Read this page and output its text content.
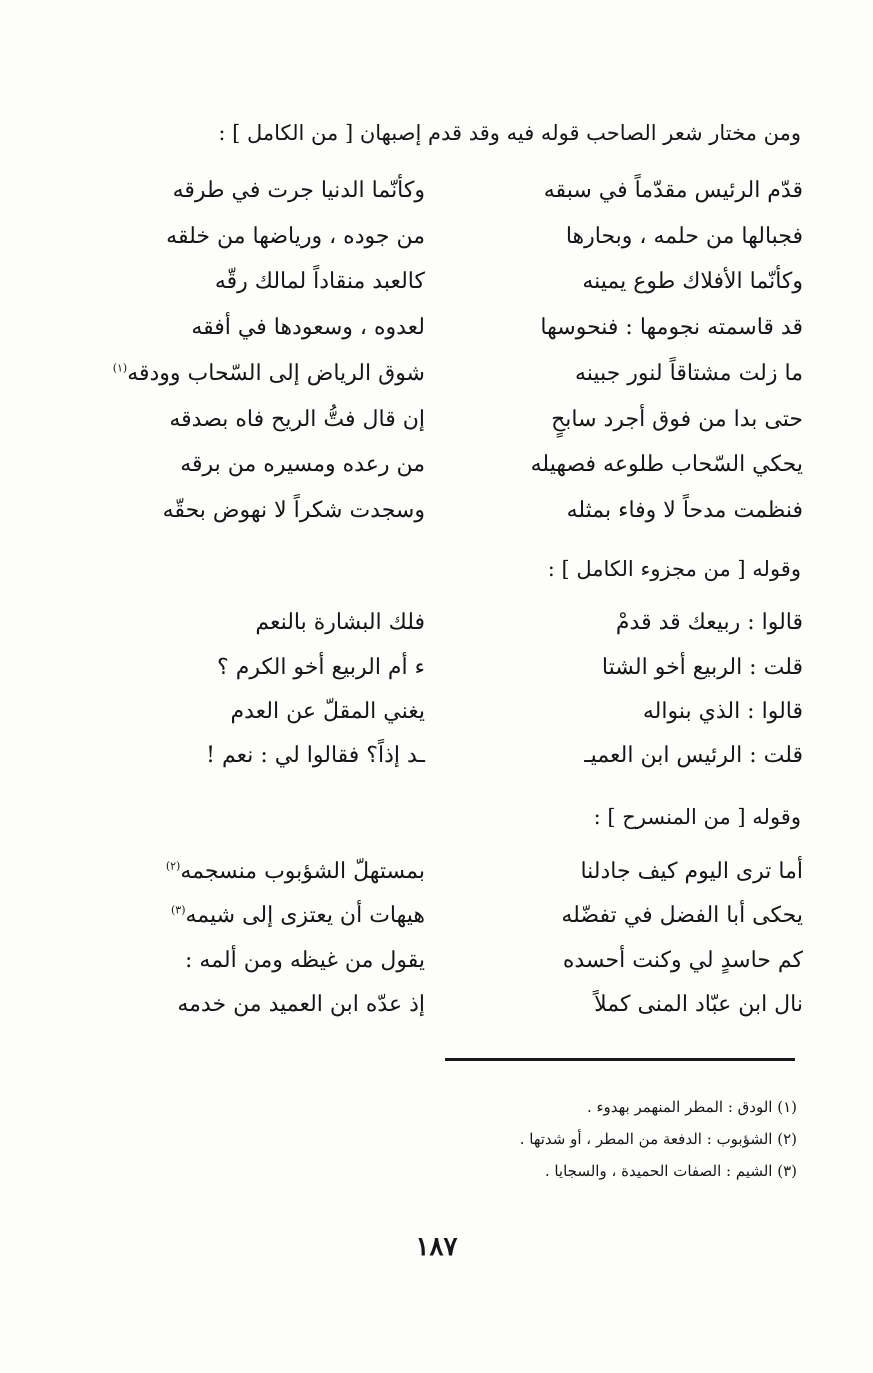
ومن مختار شعر الصاحب قوله فيه وقد قدم إصبهان [ من الكامل ] :
قدّم الرئيس مقدّماً في سبقه
وكأنّما الدنيا جرت في طرقه
فجبالها من حلمه ، وبحارها
من جوده ، ورياضها من خلقه
وكأنّما الأفلاك طوع يمينه
كالعبد منقاداً لمالك رقّه
قد قاسمته نجومها : فنحوسها
لعدوه ، وسعودها في أفقه
ما زلت مشتاقاً لنور جبينه
شوق الرياض إلى السّحاب وودقه$^{(١)}$
حتى بدا من فوق أجرد سابحٍ
إن قال فتُّ الريح فاه بصدقه
يحكي السّحاب طلوعه فصهيله
من رعده ومسيره من برقه
فنظمت مدحاً لا وفاء بمثله
وسجدت شكراً لا نهوض بحقّه
وقوله [ من مجزوء الكامل ] :
قالوا : ربيعك قد قدمْ
فلك البشارة بالنعم
قلت : الربيع أخو الشتا
ء أم الربيع أخو الكرم ؟
قالوا : الذي بنواله
يغني المقلّ عن العدم
قلت : الرئيس ابن العميـ
ـد إذاً؟ فقالوا لي : نعم !
وقوله [ من المنسرح ] :
أما ترى اليوم كيف جادلنا
بمستهلّ الشؤبوب منسجمه$^{(٢)}$
يحكى أبا الفضل في تفضّله
هيهات أن يعتزى إلى شيمه$^{(٣)}$
كم حاسدٍ لي وكنت أحسده
يقول من غيظه ومن ألمه :
نال ابن عبّاد المنى كملاً
إذ عدّه ابن العميد من خدمه
(١) الودق : المطر المنهمر بهدوء .
(٢) الشؤبوب : الدفعة من المطر ، أو شدتها .
(٣) الشيم : الصفات الحميدة ، والسجايا .
١٨٧
